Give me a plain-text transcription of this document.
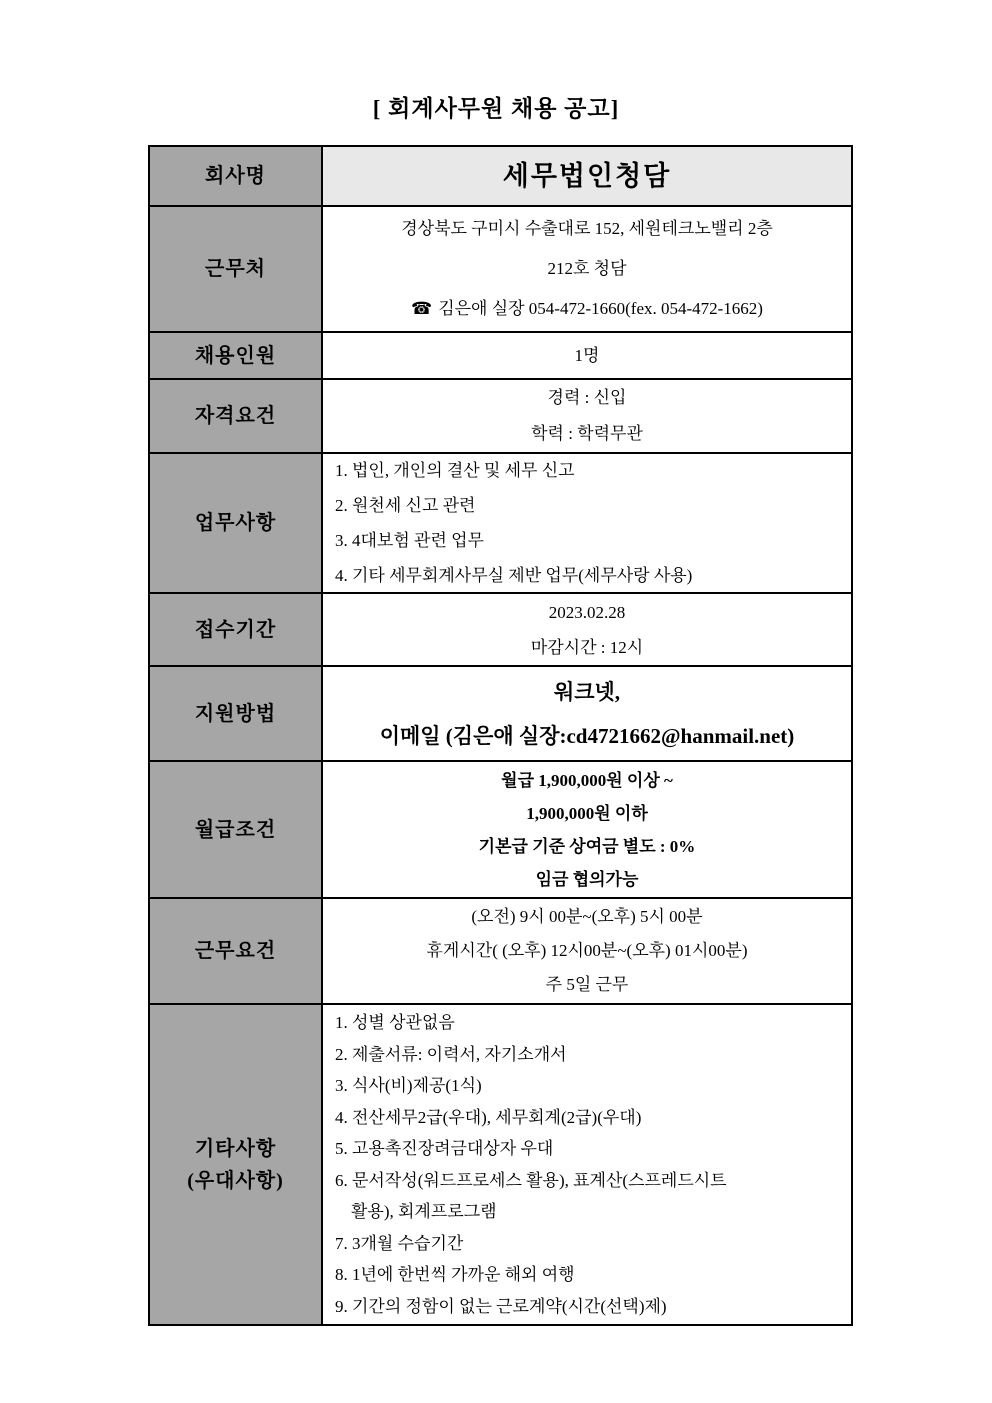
[ 회계사무원 채용 공고]
회사명	세무법인청담
근무처
경상북도 구미시 수출대로 152, 세원테크노밸리 2층
212호 청담
☎ 김은애 실장 054-472-1660(fex. 054-472-1662)
채용인원	1명
자격요건
경력 : 신입
학력 : 학력무관
업무사항
1. 법인, 개인의 결산 및 세무 신고
2. 원천세 신고 관련
3. 4대보험 관련 업무
4. 기타 세무회계사무실 제반 업무(세무사랑 사용)
접수기간
2023.02.28
마감시간 : 12시
지원방법
워크넷,
이메일 (김은애 실장:cd4721662@hanmail.net)
월급조건
월급 1,900,000원 이상 ~
1,900,000원 이하
기본급 기준 상여금 별도 : 0%
임금 협의가능
근무요건
(오전) 9시 00분~(오후) 5시 00분
휴게시간( (오후) 12시00분~(오후) 01시00분)
주 5일 근무
기타사항
(우대사항)
1. 성별 상관없음
2. 제출서류: 이력서, 자기소개서
3. 식사(비)제공(1식)
4. 전산세무2급(우대), 세무회계(2급)(우대)
5. 고용촉진장려금대상자 우대
6. 문서작성(워드프로세스 활용), 표계산(스프레드시트
활용), 회계프로그램
7. 3개월 수습기간
8. 1년에 한번씩 가까운 해외 여행
9. 기간의 정함이 없는 근로계약(시간(선택)제)
